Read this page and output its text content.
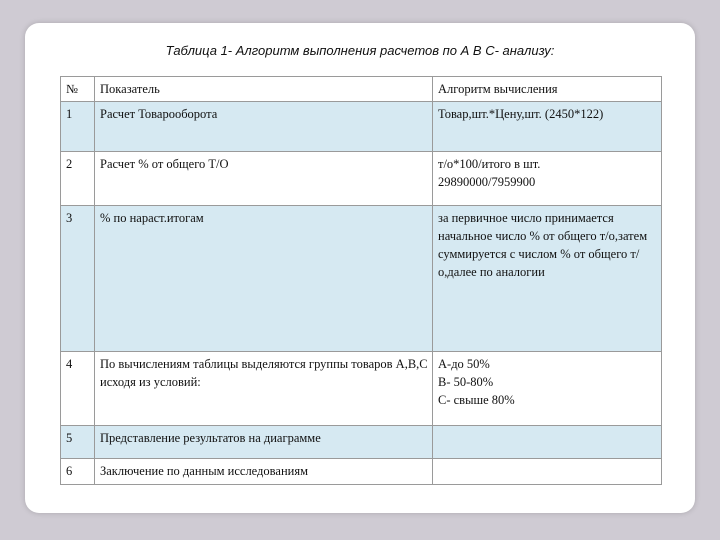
Таблица 1- Алгоритм выполнения расчетов по А В С- анализу:
№	Показатель	Алгоритм вычисления
1	Расчет Товарооборота	Товар,шт.*Цену,шт. (2450*122)
2	Расчет % от общего Т/О	т/о*100/итого в шт.
29890000/7959900
3	% по нараст.итогам	за первичное число принимается начальное число % от общего т/о,затем суммируется с числом % от общего т/о,далее по аналогии
4	По вычислениям таблицы выделяются группы товаров А,В,С исходя из условий:	А-до 50%
В- 50-80%
С- свыше 80%
5	Представление результатов на диаграмме	
6	Заключение по данным исследованиям	
